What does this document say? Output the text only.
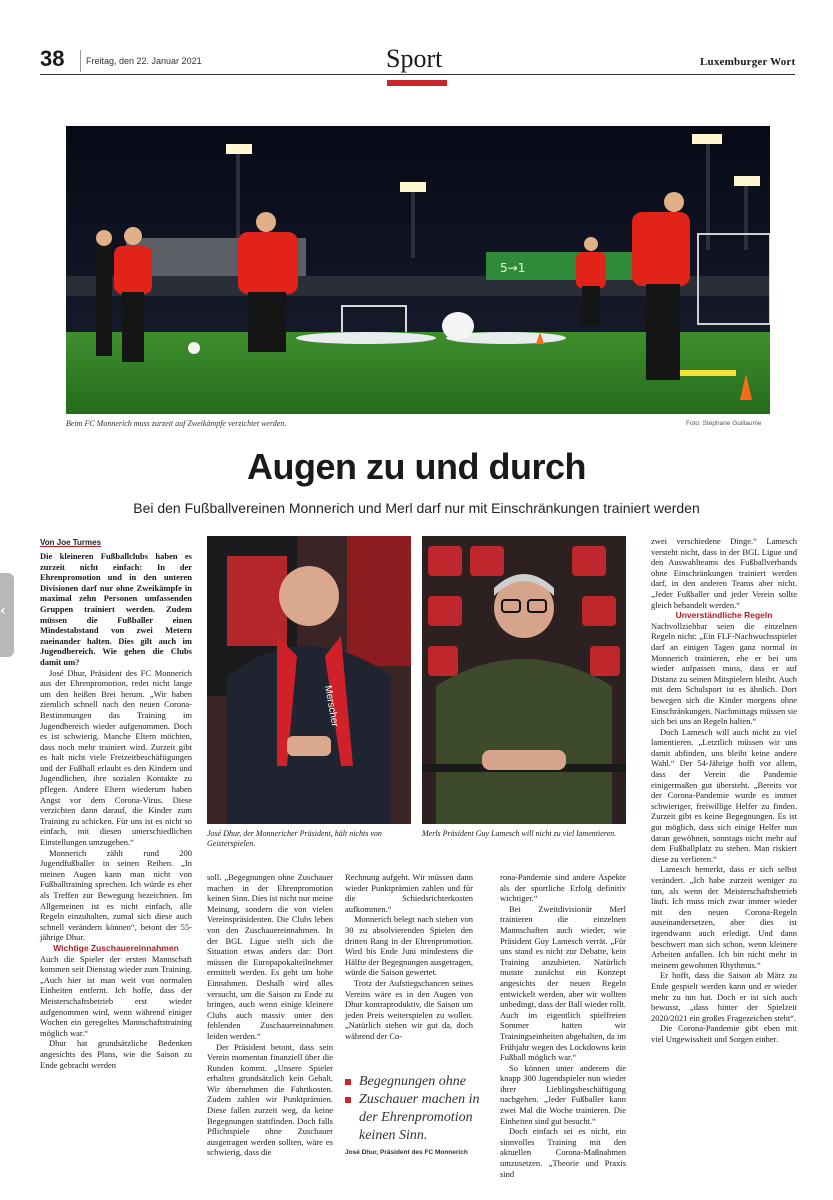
38 Freitag, den 22. Januar 2021	Sport	Luxemburger Wort
‹
5→1
Beim FC Monnerich muss zurzeit auf Zweikämpfe verzichtet werden.	Foto: Stéphane Guillaume
Augen zu und durch
Bei den Fußballvereinen Monnerich und Merl darf nur mit Einschränkungen trainiert werden
Von Joe Turmes

Die kleineren Fußballclubs haben es zurzeit nicht einfach: In der Ehrenpromotion und in den unteren Divisionen darf nur ohne Zweikämpfe in maximal zehn Personen umfassenden Gruppen trainiert werden. Zudem müssen die Fußballer einen Mindestabstand von zwei Metern zueinander halten. Dies gilt auch im Jugendbereich. Wie gehen die Clubs damit um?

José Dhur, Präsident des FC Monnerich aus der Ehrenpromotion, redet nicht lange um den heißen Brei herum. „Wir haben ziemlich schnell nach den neuen Corona-Bestimmungen das Training im Jugendbereich wieder aufgenommen. Doch es ist schwierig. Manche Eltern möchten, dass noch mehr trainiert wird. Zurzeit gibt es halt nicht viele Freizeitbeschäftigungen und der Fußball erlaubt es den Kindern und Jugendlichen, ihre sozialen Kontakte zu pflegen. Andere Eltern wiederum haben Angst vor dem Corona-Virus. Diese verzichten dann darauf, die Kinder zum Training zu schicken. Für uns ist es nicht so einfach, mit diesen unterschiedlichen Einstellungen umzugehen.“

Monnerich zählt rund 200 Jugendfußballer in seinen Reihen. „In meinen Augen kann man nicht von Fußballtraining sprechen. Ich würde es eher als Treffen zur Bewegung bezeichnen. Im Allgemeinen ist es nicht einfach, alle Regeln einzuhalten, zumal sich diese auch schnell verändern können“, betont der 55-jährige Dhur.

Wichtige Zuschauereinnahmen

Auch die Spieler der ersten Mannschaft kommen seit Dienstag wieder zum Training. „Auch hier ist man weit von normalen Einheiten entfernt. Ich hoffe, dass der Meisterschaftsbetrieb erst wieder aufgenommen wird, wenn während einiger Wochen ein geregeltes Mannschaftstraining möglich war.“

Dhur hat grundsätzliche Bedenken angesichts des Plans, wie die Saison zu Ende gebracht werden

Merscher
José Dhur, der Monnericher Präsident, hält nichts von Geisterspielen.
Merls Präsident Guy Lamesch will nicht zu viel lamentieren.

soll. „Begegnungen ohne Zuschauer machen in der Ehrenpromotion keinen Sinn. Dies ist nicht nur meine Meinung, sondern die von vielen Vereinspräsidenten. Die Clubs leben von den Zuschauereinnahmen. In der BGL Ligue stellt sich die Situation etwas anders dar: Dort müssen die Europapokalteilnehmer ermittelt werden. Es geht um hohe Einnahmen. Deshalb wird alles versucht, um die Saison zu Ende zu bringen, auch wenn einige kleinere Clubs auch massiv unter den fehlenden Zuschauereinnahmen leiden werden.“

Der Präsident betont, dass sein Verein momentan finanziell über die Runden kommt. „Unsere Spieler erhalten grundsätzlich kein Gehalt. Wir übernehmen die Fahrtkosten. Zudem zahlen wir Punktprämien. Diese fallen zurzeit weg, da keine Begegnungen stattfinden. Doch falls Pflichtspiele ohne Zuschauer ausgetragen werden sollten, wäre es schwierig, dass die

Rechnung aufgeht. Wir müssen dann wieder Punktprämien zahlen und für die Schiedsrichterkosten aufkommen.“

Monnerich belegt nach sieben von 30 zu absolvierenden Spielen den dritten Rang in der Ehrenpromotion. Wird bis Ende Juni mindestens die Hälfte der Begegnungen ausgetragen, würde die Saison gewertet.

Trotz der Aufstiegschancen seines Vereins wäre es in den Augen von Dhur kontraproduktiv, die Saison um jeden Preis weiterspielen zu wollen. „Natürlich stehen wir gut da, doch während der Co-

Begegnungen ohne
Zuschauer machen in der Ehrenpromotion keinen Sinn.
José Dhur, Präsident des FC Monnerich

rona-Pandemie sind andere Aspekte als der sportliche Erfolg definitiv wichtiger.“

Bei Zweitdivisionär Merl trainieren die einzelnen Mannschaften auch wieder, wie Präsident Guy Lamesch verrät. „Für uns stand es nicht zur Debatte, kein Training anzubieten. Natürlich musste zunächst ein Konzept angesichts der neuen Regeln entwickelt werden, aber wir wollten unbedingt, dass der Ball wieder rollt. Auch im eigentlich spielfreien Sommer hatten wir Trainingseinheiten abgehalten, da im Frühjahr wegen des Lockdowns kein Fußball möglich war.“

So können unter anderem die knapp 300 Jugendspieler nun wieder ihrer Lieblingsbeschäftigung nachgehen. „Jeder Fußballer kann zwei Mal die Woche trainieren. Die Einheiten sind gut besucht.“

Doch einfach sei es nicht, ein sinnvolles Training mit den aktuellen Corona-Maßnahmen umzusetzen. „Theorie und Praxis sind

zwei verschiedene Dinge.“ Lamesch versteht nicht, dass in der BGL Ligue und den Auswahlteams des Fußballverbands ohne Einschränkungen trainiert werden darf, in den anderen Teams aber nicht. „Jeder Fußballer und jeder Verein sollte gleich behandelt werden.“

Unverständliche Regeln

Nachvollziehbar seien die einzelnen Regeln nicht: „Ein FLF-Nachwuchsspieler darf an einigen Tagen ganz normal in Monnerich trainieren, ehe er bei uns wieder aufpassen muss, dass er auf Distanz zu seinen Mitspielern bleibt. Auch mit dem Schulsport ist es ähnlich. Dort bewegen sich die Kinder morgens ohne Einschränkungen. Nachmittags müssen sie sich bei uns an Regeln halten.“

Doch Lamesch will auch nicht zu viel lamentieren. „Letztlich müssen wir uns damit abfinden, uns bleibt keine andere Wahl.“ Der 54-Jährige hofft vor allem, dass der Verein die Pandemie einigermaßen gut übersteht. „Bereits vor der Corona-Pandemie wurde es immer schwieriger, freiwillige Helfer zu finden. Zurzeit gibt es keine Begegnungen. Es ist gut möglich, dass sich einige Helfer nun daran gewöhnen, sonntags nicht mehr auf dem Fußballplatz zu stehen. Man riskiert diese zu verlieren.“

Lamesch bemerkt, dass er sich selbst verändert. „Ich habe zurzeit weniger zu tun, als wenn der Meisterschaftsbetrieb läuft. Ich muss mich zwar immer wieder mit den neuen Corona-Regeln auseinandersetzen, aber dies ist irgendwann auch erledigt. Und dann beschwert man sich schon, wenn kleinere Arbeiten anfallen. Ich bin nicht mehr in meinem gewohnten Rhythmus.“

Er hofft, dass die Saison ab März zu Ende gespielt werden kann und er wieder mehr zu tun hat. Doch er ist sich auch bewusst, „dass hinter der Spielzeit 2020/2021 ein großes Fragezeichen steht“.

Die Corona-Pandemie gibt eben mit viel Ungewissheit und Sorgen einher.
